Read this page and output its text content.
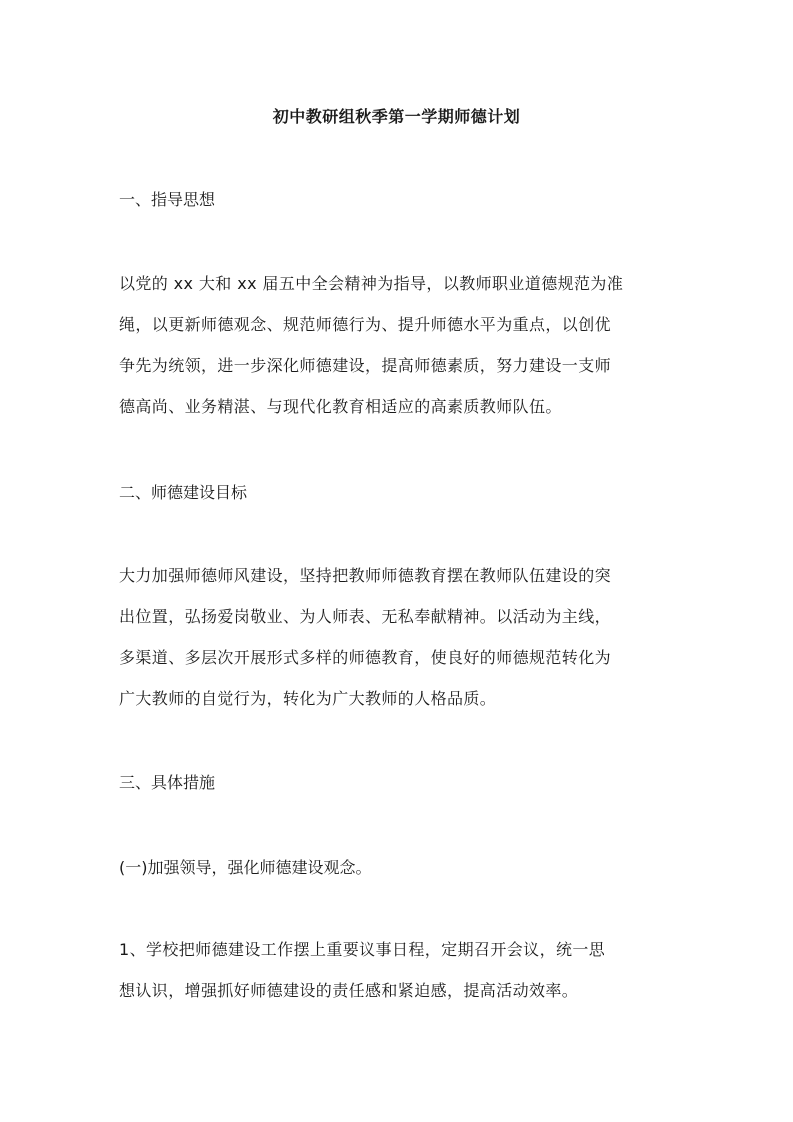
初中教研组秋季第一学期师德计划
一、指导思想
以党的 xx 大和 xx 届五中全会精神为指导，以教师职业道德规范为准
绳，以更新师德观念、规范师德行为、提升师德水平为重点，以创优
争先为统领，进一步深化师德建设，提高师德素质，努力建设一支师
德高尚、业务精湛、与现代化教育相适应的高素质教师队伍。
二、师德建设目标
大力加强师德师风建设，坚持把教师师德教育摆在教师队伍建设的突
出位置，弘扬爱岗敬业、为人师表、无私奉献精神。以活动为主线，
多渠道、多层次开展形式多样的师德教育，使良好的师德规范转化为
广大教师的自觉行为，转化为广大教师的人格品质。
三、具体措施
(一)加强领导，强化师德建设观念。
1、学校把师德建设工作摆上重要议事日程，定期召开会议，统一思
想认识，增强抓好师德建设的责任感和紧迫感，提高活动效率。
